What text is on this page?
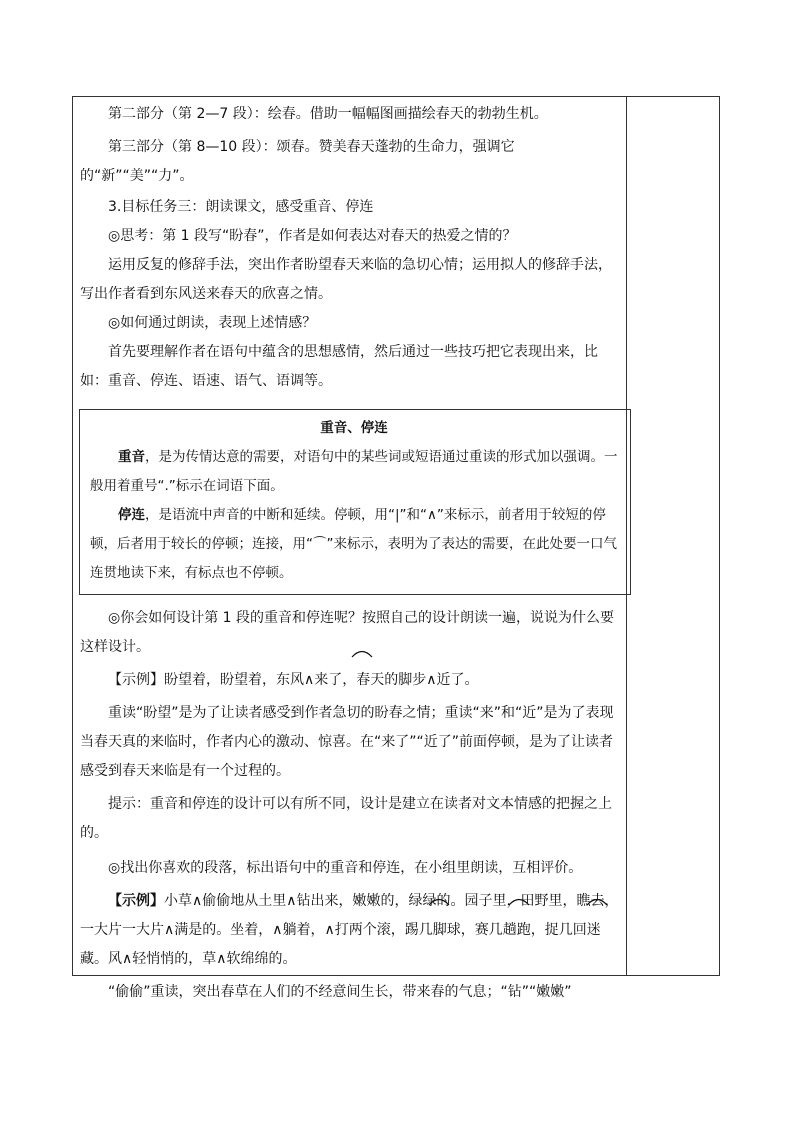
第二部分（第 2—7 段）：绘春。借助一幅幅图画描绘春天的勃勃生机。

第三部分（第 8—10 段）：颂春。赞美春天蓬勃的生命力，强调它的“新”“美”“力”。

3.目标任务三：朗读课文，感受重音、停连

◎思考：第 1 段写“盼春”，作者是如何表达对春天的热爱之情的？

运用反复的修辞手法，突出作者盼望春天来临的急切心情；运用拟人的修辞手法，写出作者看到东风送来春天的欣喜之情。

◎如何通过朗读，表现上述情感？

首先要理解作者在语句中蕴含的思想感情，然后通过一些技巧把它表现出来，比如：重音、停连、语速、语气、语调等。

重音、停连

重音，是为传情达意的需要，对语句中的某些词或短语通过重读的形式加以强调。一般用着重号“.”标示在词语下面。

停连，是语流中声音的中断和延续。停顿，用“|”和“∧”来标示，前者用于较短的停顿，后者用于较长的停顿；连接，用“⌒”来标示，表明为了表达的需要，在此处要一口气连贯地读下来，有标点也不停顿。

◎你会如何设计第 1 段的重音和停连呢？按照自己的设计朗读一遍，说说为什么要这样设计。

【示例】盼望着，盼望着，东风∧来了，春天的脚步∧近了。

重读“盼望”是为了让读者感受到作者急切的盼春之情；重读“来”和“近”是为了表现当春天真的来临时，作者内心的激动、惊喜。在“来了”“近了”前面停顿，是为了让读者感受到春天来临是有一个过程的。

提示：重音和停连的设计可以有所不同，设计是建立在读者对文本情感的把握之上的。

◎找出你喜欢的段落，标出语句中的重音和停连，在小组里朗读，互相评价。

【示例】小草∧偷偷地从土里∧钻出来，嫩嫩的，绿绿的。园子里，田野里，瞧去，一大片一大片∧满是的。坐着，∧躺着，∧打两个滚，踢几脚球，赛几趟跑，捉几回迷藏。风∧轻悄悄的，草∧软绵绵的。

“偷偷”重读，突出春草在人们的不经意间生长，带来春的气息；“钻”“嫩嫩”
